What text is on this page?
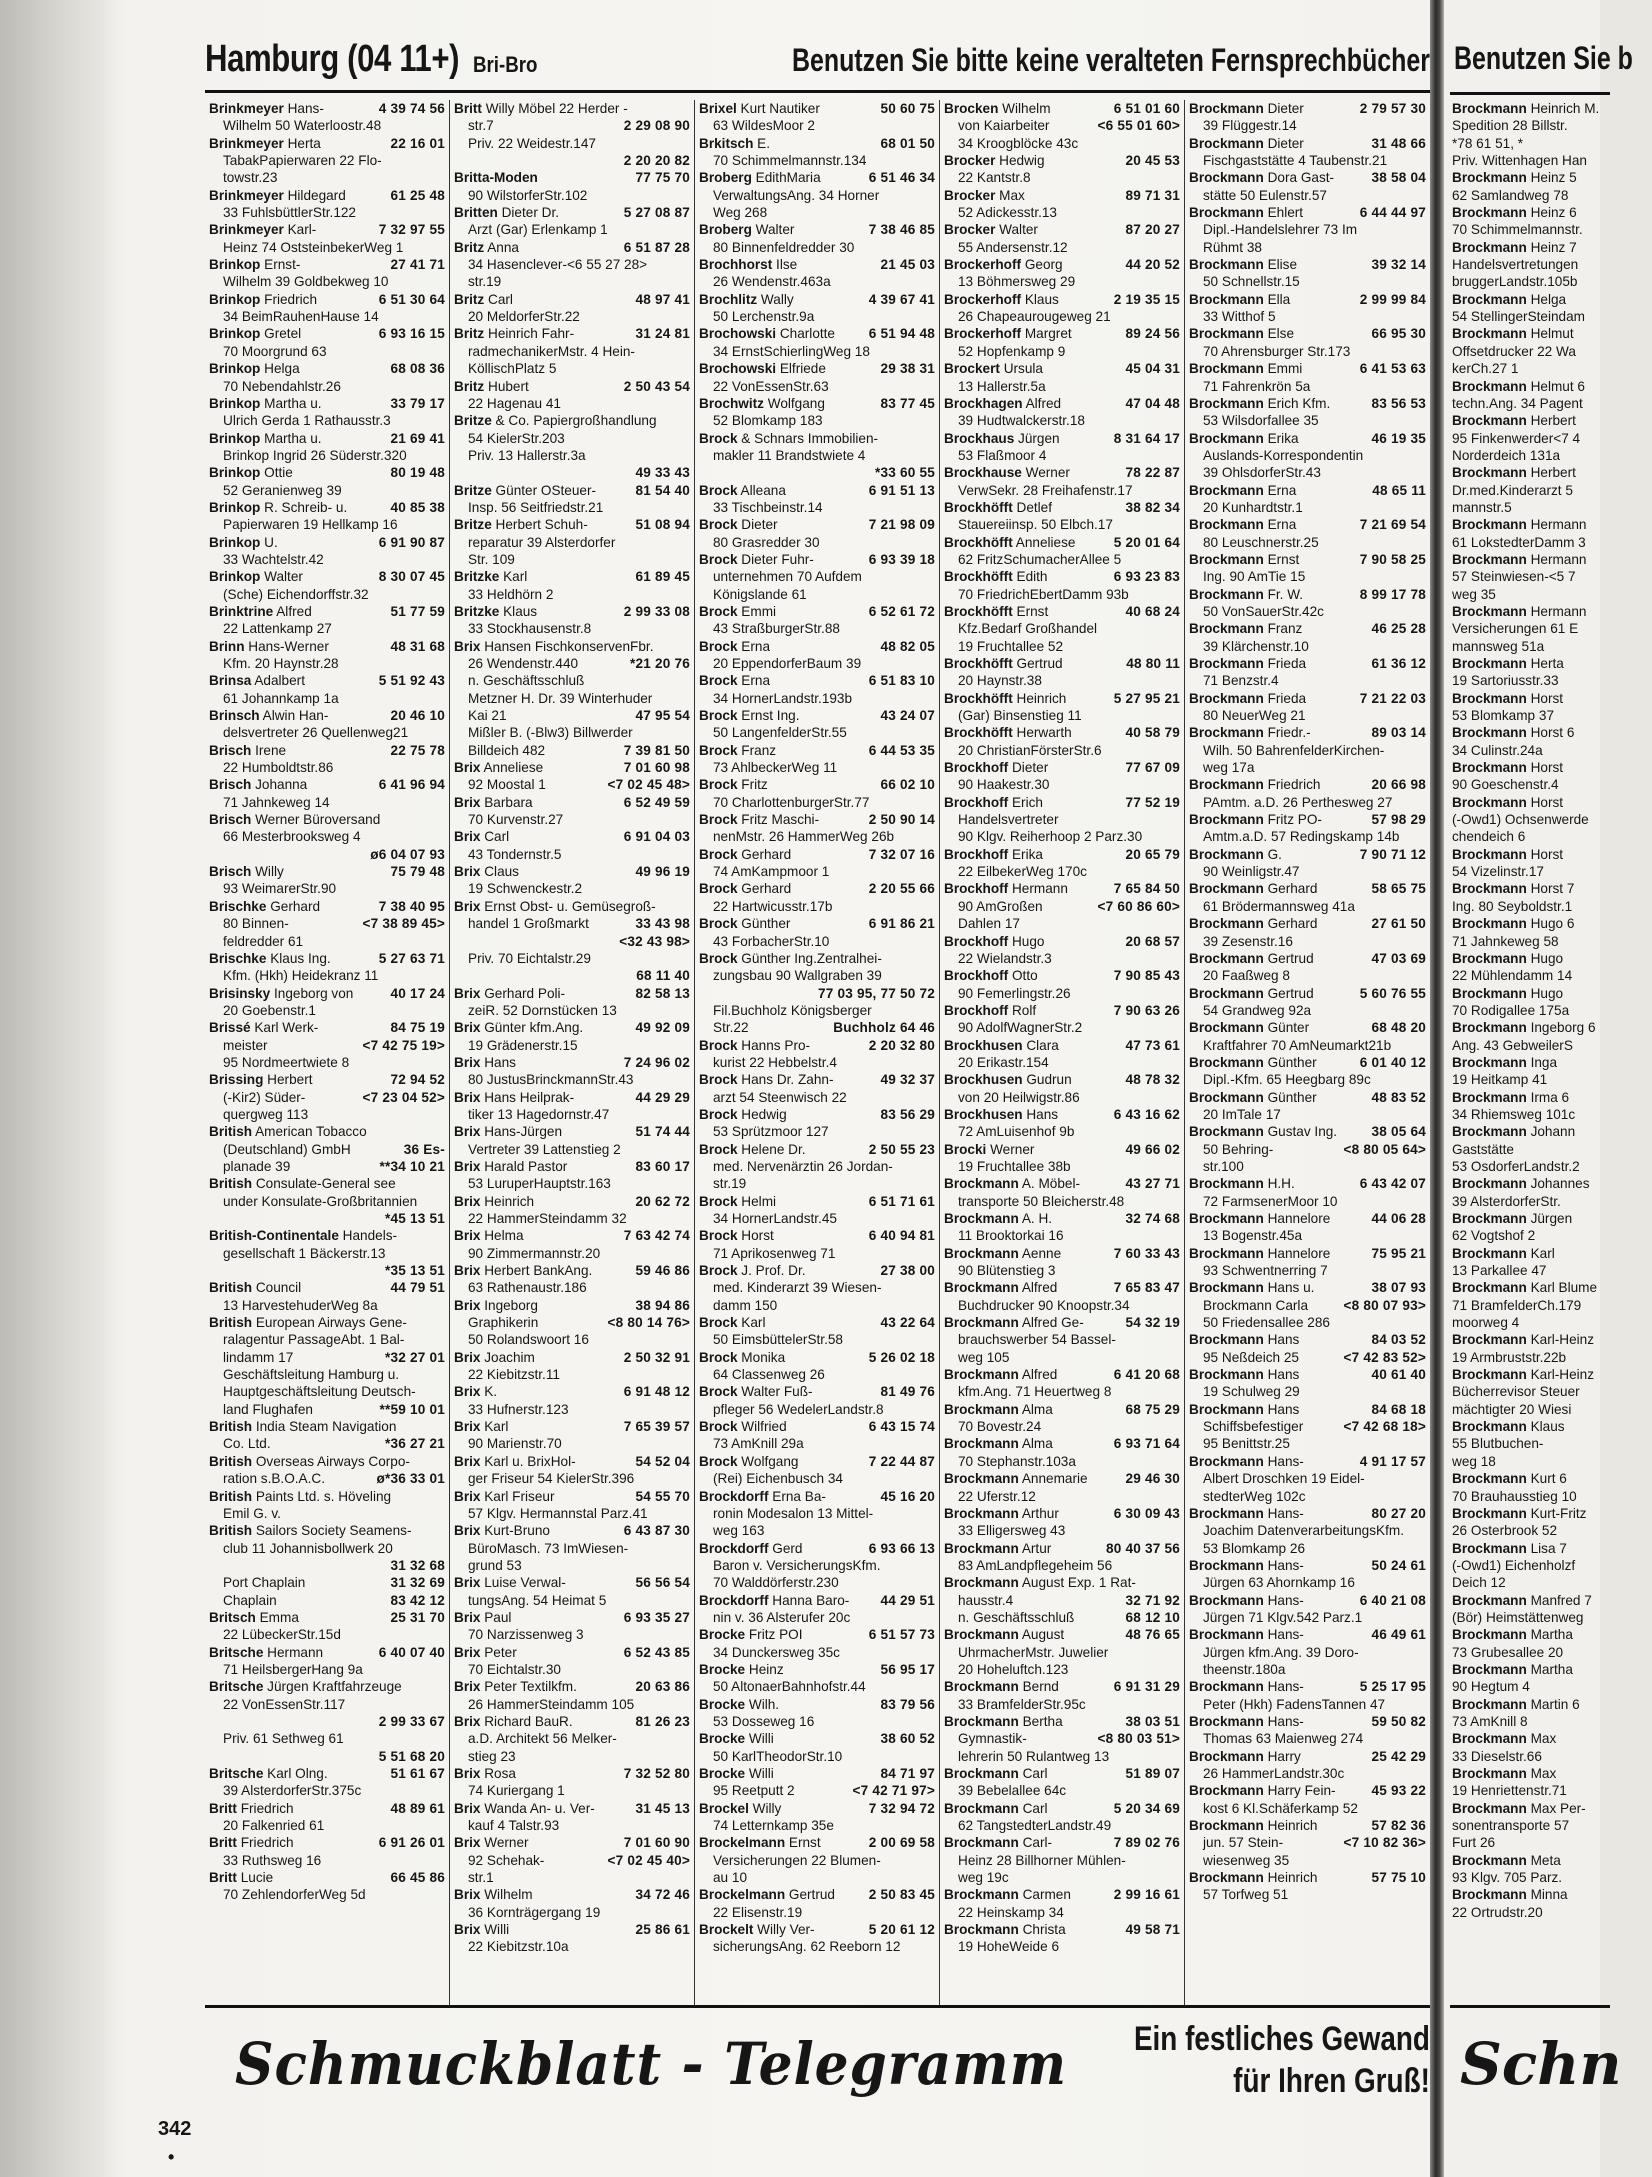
Hamburg (04 11+) Bri-Bro	Benutzen Sie bitte keine veralteten Fernsprechbücher
Brinkmeyer Hans-	4 39 74 56
Wilhelm 50 Waterloostr.48
Brinkmeyer Herta	22 16 01
TabakPapierwaren 22 Flo-
towstr.23
Brinkmeyer Hildegard	61 25 48
33 FuhlsbüttlerStr.122
Brinkmeyer Karl-	7 32 97 55
Heinz 74 OststeinbekerWeg 1
Brinkop Ernst-	27 41 71
Wilhelm 39 Goldbekweg 10
Brinkop Friedrich	6 51 30 64
34 BeimRauhenHause 14
Brinkop Gretel	6 93 16 15
70 Moorgrund 63
Brinkop Helga	68 08 36
70 Nebendahlstr.26
Brinkop Martha u.	33 79 17
Ulrich Gerda 1 Rathausstr.3
Brinkop Martha u.	21 69 41
Brinkop Ingrid 26 Süderstr.320
Brinkop Ottie	80 19 48
52 Geranienweg 39
Brinkop R. Schreib- u.	40 85 38
Papierwaren 19 Hellkamp 16
Brinkop U.	6 91 90 87
33 Wachtelstr.42
Brinkop Walter	8 30 07 45
(Sche) Eichendorffstr.32
Brinktrine Alfred	51 77 59
22 Lattenkamp 27
Brinn Hans-Werner	48 31 68
Kfm. 20 Haynstr.28
Brinsa Adalbert	5 51 92 43
61 Johannkamp 1a
Brinsch Alwin Han-	20 46 10
delsvertreter 26 Quellenweg21
Brisch Irene	22 75 78
22 Humboldtstr.86
Brisch Johanna	6 41 96 94
71 Jahnkeweg 14
Brisch Werner Büroversand
66 Mesterbrooksweg 4
ø6 04 07 93
Brisch Willy	75 79 48
93 WeimarerStr.90
Brischke Gerhard	7 38 40 95
80 Binnen-	<7 38 89 45>
feldredder 61
Brischke Klaus Ing.	5 27 63 71
Kfm. (Hkh) Heidekranz 11
Brisinsky Ingeborg von	40 17 24
20 Goebenstr.1
Brissé Karl Werk-	84 75 19
meister	<7 42 75 19>
95 Nordmeertwiete 8
Brissing Herbert	72 94 52
(-Kir2) Süder-	<7 23 04 52>
quergweg 113
British American Tobacco
(Deutschland) GmbH	36 Es-
planade 39	**34 10 21
British Consulate-General see
under Konsulate-Großbritannien
*45 13 51
British-Continentale Handels-
gesellschaft 1 Bäckerstr.13
*35 13 51
British Council	44 79 51
13 HarvestehuderWeg 8a
British European Airways Gene-
ralagentur PassageAbt. 1 Bal-
lindamm 17	*32 27 01
Geschäftsleitung Hamburg u.
Hauptgeschäftsleitung Deutsch-
land Flughafen	**59 10 01
British India Steam Navigation
Co. Ltd.	*36 27 21
British Overseas Airways Corpo-
ration s.B.O.A.C.	ø*36 33 01
British Paints Ltd. s. Höveling
Emil G. v.
British Sailors Society Seamens-
club 11 Johannisbollwerk 20
31 32 68
Port Chaplain	31 32 69
Chaplain	83 42 12
Britsch Emma	25 31 70
22 LübeckerStr.15d
Britsche Hermann	6 40 07 40
71 HeilsbergerHang 9a
Britsche Jürgen Kraftfahrzeuge
22 VonEssenStr.117
2 99 33 67
Priv. 61 Sethweg 61
5 51 68 20
Britsche Karl Olng.	51 61 67
39 AlsterdorferStr.375c
Britt Friedrich	48 89 61
20 Falkenried 61
Britt Friedrich	6 91 26 01
33 Ruthsweg 16
Britt Lucie	66 45 86
70 ZehlendorferWeg 5d
Britt Willy Möbel 22 Herder -
str.7	2 29 08 90
Priv. 22 Weidestr.147
2 20 20 82
Britta-Moden	77 75 70
90 WilstorferStr.102
Britten Dieter Dr.	5 27 08 87
Arzt (Gar) Erlenkamp 1
Britz Anna	6 51 87 28
34 Hasenclever-<6 55 27 28>
str.19
Britz Carl	48 97 41
20 MeldorferStr.22
Britz Heinrich Fahr-	31 24 81
radmechanikerMstr. 4 Hein-
KöllischPlatz 5
Britz Hubert	2 50 43 54
22 Hagenau 41
Britze & Co. Papiergroßhandlung
54 KielerStr.203
Priv. 13 Hallerstr.3a
49 33 43
Britze Günter OSteuer-	81 54 40
Insp. 56 Seitfriedstr.21
Britze Herbert Schuh-	51 08 94
reparatur 39 Alsterdorfer
Str. 109
Britzke Karl	61 89 45
33 Heldhörn 2
Britzke Klaus	2 99 33 08
33 Stockhausenstr.8
Brix Hansen FischkonservenFbr.
26 Wendenstr.440	*21 20 76
n. Geschäftsschluß
Metzner H. Dr. 39 Winterhuder
Kai 21	47 95 54
Mißler B. (-Blw3) Billwerder
Billdeich 482	7 39 81 50
Brix Anneliese	7 01 60 98
92 Moostal 1	<7 02 45 48>
Brix Barbara	6 52 49 59
70 Kurvenstr.27
Brix Carl	6 91 04 03
43 Tondernstr.5
Brix Claus	49 96 19
19 Schwenckestr.2
Brix Ernst Obst- u. Gemüsegroß-
handel 1 Großmarkt	33 43 98
<32 43 98>
Priv. 70 Eichtalstr.29
68 11 40
Brix Gerhard Poli-	82 58 13
zeiR. 52 Dornstücken 13
Brix Günter kfm.Ang.	49 92 09
19 Grädenerstr.15
Brix Hans	7 24 96 02
80 JustusBrinckmannStr.43
Brix Hans Heilprak-	44 29 29
tiker 13 Hagedornstr.47
Brix Hans-Jürgen	51 74 44
Vertreter 39 Lattenstieg 2
Brix Harald Pastor	83 60 17
53 LuruperHauptstr.163
Brix Heinrich	20 62 72
22 HammerSteindamm 32
Brix Helma	7 63 42 74
90 Zimmermannstr.20
Brix Herbert BankAng.	59 46 86
63 Rathenaustr.186
Brix Ingeborg	38 94 86
Graphikerin	<8 80 14 76>
50 Rolandswoort 16
Brix Joachim	2 50 32 91
22 Kiebitzstr.11
Brix K.	6 91 48 12
33 Hufnerstr.123
Brix Karl	7 65 39 57
90 Marienstr.70
Brix Karl u. BrixHol-	54 52 04
ger Friseur 54 KielerStr.396
Brix Karl Friseur	54 55 70
57 Klgv. Hermannstal Parz.41
Brix Kurt-Bruno	6 43 87 30
BüroMasch. 73 ImWiesen-
grund 53
Brix Luise Verwal-	56 56 54
tungsAng. 54 Heimat 5
Brix Paul	6 93 35 27
70 Narzissenweg 3
Brix Peter	6 52 43 85
70 Eichtalstr.30
Brix Peter Textilkfm.	20 63 86
26 HammerSteindamm 105
Brix Richard BauR.	81 26 23
a.D. Architekt 56 Melker-
stieg 23
Brix Rosa	7 32 52 80
74 Kuriergang 1
Brix Wanda An- u. Ver-	31 45 13
kauf 4 Talstr.93
Brix Werner	7 01 60 90
92 Schehak-	<7 02 45 40>
str.1
Brix Wilhelm	34 72 46
36 Kornträgergang 19
Brix Willi	25 86 61
22 Kiebitzstr.10a
Brixel Kurt Nautiker	50 60 75
63 WildesMoor 2
Brkitsch E.	68 01 50
70 Schimmelmannstr.134
Broberg EdithMaria	6 51 46 34
VerwaltungsAng. 34 Horner
Weg 268
Broberg Walter	7 38 46 85
80 Binnenfeldredder 30
Brochhorst Ilse	21 45 03
26 Wendenstr.463a
Brochlitz Wally	4 39 67 41
50 Lerchenstr.9a
Brochowski Charlotte 6 51 94 48
34 ErnstSchierlingWeg 18
Brochowski Elfriede	29 38 31
22 VonEssenStr.63
Brochwitz Wolfgang	83 77 45
52 Blomkamp 183
Brock & Schnars Immobilien-
makler 11 Brandstwiete 4
*33 60 55
Brock Alleana	6 91 51 13
33 Tischbeinstr.14
Brock Dieter	7 21 98 09
80 Grasredder 30
Brock Dieter Fuhr-	6 93 39 18
unternehmen 70 Aufdem
Königslande 61
Brock Emmi	6 52 61 72
43 StraßburgerStr.88
Brock Erna	48 82 05
20 EppendorferBaum 39
Brock Erna	6 51 83 10
34 HornerLandstr.193b
Brock Ernst Ing.	43 24 07
50 LangenfelderStr.55
Brock Franz	6 44 53 35
73 AhlbeckerWeg 11
Brock Fritz	66 02 10
70 CharlottenburgerStr.77
Brock Fritz Maschi-	2 50 90 14
nenMstr. 26 HammerWeg 26b
Brock Gerhard	7 32 07 16
74 AmKampmoor 1
Brock Gerhard	2 20 55 66
22 Hartwicusstr.17b
Brock Günther	6 91 86 21
43 ForbacherStr.10
Brock Günther Ing.Zentralhei-
zungsbau 90 Wallgraben 39
77 03 95, 77 50 72
Fil.Buchholz Königsberger
Str.22	Buchholz 64 46
Brock Hanns Pro-	2 20 32 80
kurist 22 Hebbelstr.4
Brock Hans Dr. Zahn-	49 32 37
arzt 54 Steenwisch 22
Brock Hedwig	83 56 29
53 Sprützmoor 127
Brock Helene Dr.	2 50 55 23
med. Nervenärztin 26 Jordan-
str.19
Brock Helmi	6 51 71 61
34 HornerLandstr.45
Brock Horst	6 40 94 81
71 Aprikosenweg 71
Brock J. Prof. Dr.	27 38 00
med. Kinderarzt 39 Wiesen-
damm 150
Brock Karl	43 22 64
50 EimsbüttelerStr.58
Brock Monika	5 26 02 18
64 Classenweg 26
Brock Walter Fuß-	81 49 76
pfleger 56 WedelerLandstr.8
Brock Wilfried	6 43 15 74
73 AmKnill 29a
Brock Wolfgang	7 22 44 87
(Rei) Eichenbusch 34
Brockdorff Erna Ba-	45 16 20
ronin Modesalon 13 Mittel-
weg 163
Brockdorff Gerd	6 93 66 13
Baron v. VersicherungsKfm.
70 Walddörferstr.230
Brockdorff Hanna Baro- 44 29 51
nin v. 36 Alsterufer 20c
Brocke Fritz POI	6 51 57 73
34 Dunckersweg 35c
Brocke Heinz	56 95 17
50 AltonaerBahnhofstr.44
Brocke Wilh.	83 79 56
53 Dosseweg 16
Brocke Willi	38 60 52
50 KarlTheodorStr.10
Brocke Willi	84 71 97
95 Reetputt 2	<7 42 71 97>
Brockel Willy	7 32 94 72
74 Letternkamp 35e
Brockelmann Ernst	2 00 69 58
Versicherungen 22 Blumen-
au 10
Brockelmann Gertrud 2 50 83 45
22 Elisenstr.19
Brockelt Willy Ver-	5 20 61 12
sicherungsAng. 62 Reeborn 12
Brocken Wilhelm	6 51 01 60
von Kaiarbeiter	<6 55 01 60>
34 Kroogblöcke 43c
Brocker Hedwig	20 45 53
22 Kantstr.8
Brocker Max	89 71 31
52 Adickesstr.13
Brocker Walter	87 20 27
55 Andersenstr.12
Brockerhoff Georg	44 20 52
13 Böhmersweg 29
Brockerhoff Klaus	2 19 35 15
26 Chapeaurougeweg 21
Brockerhoff Margret	89 24 56
52 Hopfenkamp 9
Brockert Ursula	45 04 31
13 Hallerstr.5a
Brockhagen Alfred	47 04 48
39 Hudtwalckerstr.18
Brockhaus Jürgen	8 31 64 17
53 Flaßmoor 4
Brockhause Werner	78 22 87
VerwSekr. 28 Freihafenstr.17
Brockhöfft Detlef	38 82 34
Stauereiinsp. 50 Elbch.17
Brockhöfft Anneliese	5 20 01 64
62 FritzSchumacherAllee 5
Brockhöfft Edith	6 93 23 83
70 FriedrichEbertDamm 93b
Brockhöfft Ernst	40 68 24
Kfz.Bedarf Großhandel
19 Fruchtallee 52
Brockhöfft Gertrud	48 80 11
20 Haynstr.38
Brockhöfft Heinrich	5 27 95 21
(Gar) Binsenstieg 11
Brockhöfft Herwarth	40 58 79
20 ChristianFörsterStr.6
Brockhoff Dieter	77 67 09
90 Haakestr.30
Brockhoff Erich	77 52 19
Handelsvertreter
90 Klgv. Reiherhoop 2 Parz.30
Brockhoff Erika	20 65 79
22 EilbekerWeg 170c
Brockhoff Hermann	7 65 84 50
90 AmGroßen	<7 60 86 60>
Dahlen 17
Brockhoff Hugo	20 68 57
22 Wielandstr.3
Brockhoff Otto	7 90 85 43
90 Femerlingstr.26
Brockhoff Rolf	7 90 63 26
90 AdolfWagnerStr.2
Brockhusen Clara	47 73 61
20 Erikastr.154
Brockhusen Gudrun	48 78 32
von 20 Heilwigstr.86
Brockhusen Hans	6 43 16 62
72 AmLuisenhof 9b
Brocki Werner	49 66 02
19 Fruchtallee 38b
Brockmann A. Möbel-	43 27 71
transporte 50 Bleicherstr.48
Brockmann A. H.	32 74 68
11 Brooktorkai 16
Brockmann Aenne	7 60 33 43
90 Blütenstieg 3
Brockmann Alfred	7 65 83 47
Buchdrucker 90 Knoopstr.34
Brockmann Alfred Ge-	54 32 19
brauchswerber 54 Bassel-
weg 105
Brockmann Alfred	6 41 20 68
kfm.Ang. 71 Heuertweg 8
Brockmann Alma	68 75 29
70 Bovestr.24
Brockmann Alma	6 93 71 64
70 Stephanstr.103a
Brockmann Annemarie	29 46 30
22 Uferstr.12
Brockmann Arthur	6 30 09 43
33 Elligersweg 43
Brockmann Artur	80 40 37 56
83 AmLandpflegeheim 56
Brockmann August Exp. 1 Rat-
hausstr.4	32 71 92
n. Geschäftsschluß	68 12 10
Brockmann August	48 76 65
UhrmacherMstr. Juwelier
20 Hoheluftch.123
Brockmann Bernd	6 91 31 29
33 BramfelderStr.95c
Brockmann Bertha	38 03 51
Gymnastik-	<8 80 03 51>
lehrerin 50 Rulantweg 13
Brockmann Carl	51 89 07
39 Bebelallee 64c
Brockmann Carl	5 20 34 69
62 TangstedterLandstr.49
Brockmann Carl-	7 89 02 76
Heinz 28 Billhorner Mühlen-
weg 19c
Brockmann Carmen	2 99 16 61
22 Heinskamp 34
Brockmann Christa	49 58 71
19 HoheWeide 6
Brockmann Dieter	2 79 57 30
39 Flüggestr.14
Brockmann Dieter	31 48 66
Fischgaststätte 4 Taubenstr.21
Brockmann Dora Gast-	38 58 04
stätte 50 Eulenstr.57
Brockmann Ehlert	6 44 44 97
Dipl.-Handelslehrer 73 Im
Rühmt 38
Brockmann Elise	39 32 14
50 Schnellstr.15
Brockmann Ella	2 99 99 84
33 Witthof 5
Brockmann Else	66 95 30
70 Ahrensburger Str.173
Brockmann Emmi	6 41 53 63
71 Fahrenkrön 5a
Brockmann Erich Kfm.	83 56 53
53 Wilsdorfallee 35
Brockmann Erika	46 19 35
Auslands-Korrespondentin
39 OhlsdorferStr.43
Brockmann Erna	48 65 11
20 Kunhardtstr.1
Brockmann Erna	7 21 69 54
80 Leuschnerstr.25
Brockmann Ernst	7 90 58 25
Ing. 90 AmTie 15
Brockmann Fr. W.	8 99 17 78
50 VonSauerStr.42c
Brockmann Franz	46 25 28
39 Klärchenstr.10
Brockmann Frieda	61 36 12
71 Benzstr.4
Brockmann Frieda	7 21 22 03
80 NeuerWeg 21
Brockmann Friedr.-	89 03 14
Wilh. 50 BahrenfelderKirchen-
weg 17a
Brockmann Friedrich	20 66 98
PAmtm. a.D. 26 Perthesweg 27
Brockmann Fritz PO-	57 98 29
Amtm.a.D. 57 Redingskamp 14b
Brockmann G.	7 90 71 12
90 Weinligstr.47
Brockmann Gerhard	58 65 75
61 Brödermannsweg 41a
Brockmann Gerhard	27 61 50
39 Zesenstr.16
Brockmann Gertrud	47 03 69
20 Faaßweg 8
Brockmann Gertrud	5 60 76 55
54 Grandweg 92a
Brockmann Günter	68 48 20
Kraftfahrer 70 AmNeumarkt21b
Brockmann Günther	6 01 40 12
Dipl.-Kfm. 65 Heegbarg 89c
Brockmann Günther	48 83 52
20 ImTale 17
Brockmann Gustav Ing.	38 05 64
50 Behring-	<8 80 05 64>
str.100
Brockmann H.H.	6 43 42 07
72 FarmsenerMoor 10
Brockmann Hannelore	44 06 28
13 Bogenstr.45a
Brockmann Hannelore	75 95 21
93 Schwentnerring 7
Brockmann Hans u.	38 07 93
Brockmann Carla	<8 80 07 93>
50 Friedensallee 286
Brockmann Hans	84 03 52
95 Neßdeich 25	<7 42 83 52>
Brockmann Hans	40 61 40
19 Schulweg 29
Brockmann Hans	84 68 18
Schiffsbefestiger	<7 42 68 18>
95 Benittstr.25
Brockmann Hans-	4 91 17 57
Albert Droschken 19 Eidel-
stedterWeg 102c
Brockmann Hans-	80 27 20
Joachim DatenverarbeitungsKfm.
53 Blomkamp 26
Brockmann Hans-	50 24 61
Jürgen 63 Ahornkamp 16
Brockmann Hans-	6 40 21 08
Jürgen 71 Klgv.542 Parz.1
Brockmann Hans-	46 49 61
Jürgen kfm.Ang. 39 Doro-
theenstr.180a
Brockmann Hans-	5 25 17 95
Peter (Hkh) FadensTannen 47
Brockmann Hans-	59 50 82
Thomas 63 Maienweg 274
Brockmann Harry	25 42 29
26 HammerLandstr.30c
Brockmann Harry Fein-	45 93 22
kost 6 Kl.Schäferkamp 52
Brockmann Heinrich	57 82 36
jun. 57 Stein-	<7 10 82 36>
wiesenweg 35
Brockmann Heinrich	57 75 10
57 Torfweg 51
Schmuckblatt - Telegramm Ein festliches Gewand
für Ihren Gruß!
342
•
Benutzen Sie b
Brockmann Heinrich M.
Spedition 28 Billstr.
*78 61 51, *
Priv. Wittenhagen Han
Brockmann Heinz 5
62 Samlandweg 78
Brockmann Heinz 6
70 Schimmelmannstr.
Brockmann Heinz 7
Handelsvertretungen
bruggerLandstr.105b
Brockmann Helga
54 StellingerSteindam
Brockmann Helmut
Offsetdrucker 22 Wa
kerCh.27 1
Brockmann Helmut 6
techn.Ang. 34 Pagent
Brockmann Herbert
95 Finkenwerder<7 4
Norderdeich 131a
Brockmann Herbert
Dr.med.Kinderarzt 5
mannstr.5
Brockmann Hermann
61 LokstedterDamm 3
Brockmann Hermann
57 Steinwiesen-<5 7
weg 35
Brockmann Hermann
Versicherungen 61 E
mannsweg 51a
Brockmann Herta
19 Sartoriusstr.33
Brockmann Horst
53 Blomkamp 37
Brockmann Horst 6
34 Culinstr.24a
Brockmann Horst
90 Goeschenstr.4
Brockmann Horst
(-Owd1) Ochsenwerde
chendeich 6
Brockmann Horst
54 Vizelinstr.17
Brockmann Horst 7
Ing. 80 Seyboldstr.1
Brockmann Hugo 6
71 Jahnkeweg 58
Brockmann Hugo
22 Mühlendamm 14
Brockmann Hugo
70 Rodigallee 175a
Brockmann Ingeborg 6
Ang. 43 GebweilerS
Brockmann Inga
19 Heitkamp 41
Brockmann Irma 6
34 Rhiemsweg 101c
Brockmann Johann
Gaststätte
53 OsdorferLandstr.2
Brockmann Johannes
39 AlsterdorferStr.
Brockmann Jürgen
62 Vogtshof 2
Brockmann Karl
13 Parkallee 47
Brockmann Karl Blume
71 BramfelderCh.179
moorweg 4
Brockmann Karl-Heinz
19 Armbruststr.22b
Brockmann Karl-Heinz
Bücherrevisor Steuer
mächtigter 20 Wiesi
Brockmann Klaus
55 Blutbuchen-
weg 18
Brockmann Kurt 6
70 Brauhausstieg 10
Brockmann Kurt-Fritz
26 Osterbrook 52
Brockmann Lisa 7
(-Owd1) Eichenholzf
Deich 12
Brockmann Manfred 7
(Bör) Heimstättenweg
Brockmann Martha
73 Grubesallee 20
Brockmann Martha
90 Hegtum 4
Brockmann Martin 6
73 AmKnill 8
Brockmann Max
33 Dieselstr.66
Brockmann Max
19 Henriettenstr.71
Brockmann Max Per-
sonentransporte 57
Furt 26
Brockmann Meta
93 Klgv. 705 Parz.
Brockmann Minna
22 Ortrudstr.20
Schn
